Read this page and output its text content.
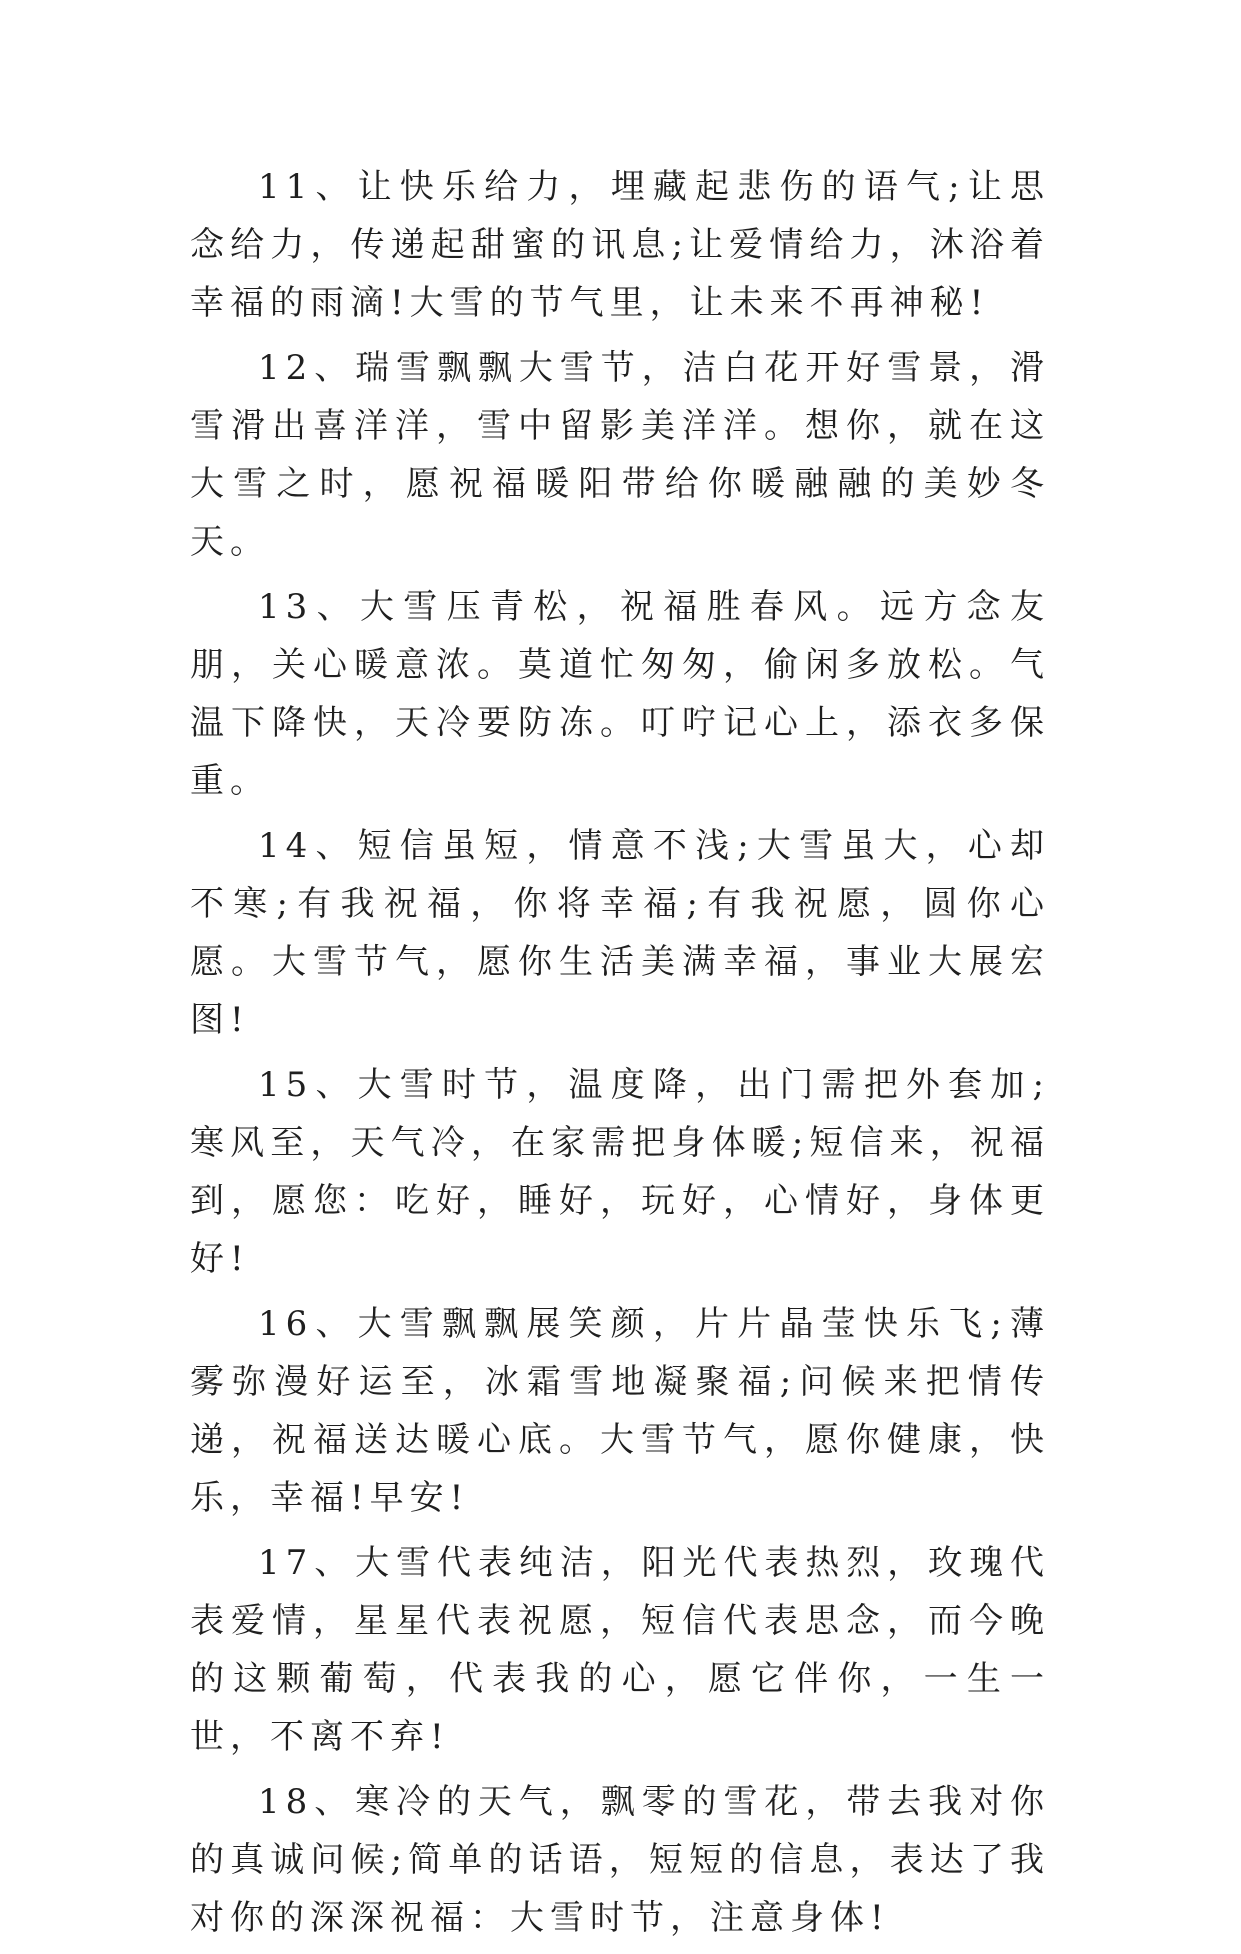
11、让快乐给力，埋藏起悲伤的语气;让思念给力，传递起甜蜜的讯息;让爱情给力，沐浴着幸福的雨滴!大雪的节气里，让未来不再神秘!

12、瑞雪飘飘大雪节，洁白花开好雪景，滑雪滑出喜洋洋，雪中留影美洋洋。想你，就在这大雪之时，愿祝福暖阳带给你暖融融的美妙冬天。

13、大雪压青松，祝福胜春风。远方念友朋，关心暖意浓。莫道忙匆匆，偷闲多放松。气温下降快，天冷要防冻。叮咛记心上，添衣多保重。

14、短信虽短，情意不浅;大雪虽大，心却不寒;有我祝福，你将幸福;有我祝愿，圆你心愿。大雪节气，愿你生活美满幸福，事业大展宏图!

15、大雪时节，温度降，出门需把外套加;寒风至，天气冷，在家需把身体暖;短信来，祝福到，愿您：吃好，睡好，玩好，心情好，身体更好!

16、大雪飘飘展笑颜，片片晶莹快乐飞;薄雾弥漫好运至，冰霜雪地凝聚福;问候来把情传递，祝福送达暖心底。大雪节气，愿你健康，快乐，幸福!早安!

17、大雪代表纯洁，阳光代表热烈，玫瑰代表爱情，星星代表祝愿，短信代表思念，而今晚的这颗葡萄，代表我的心，愿它伴你，一生一世，不离不弃!

18、寒冷的天气，飘零的雪花，带去我对你的真诚问候;简单的话语，短短的信息，表达了我对你的深深祝福：大雪时节，注意身体!
